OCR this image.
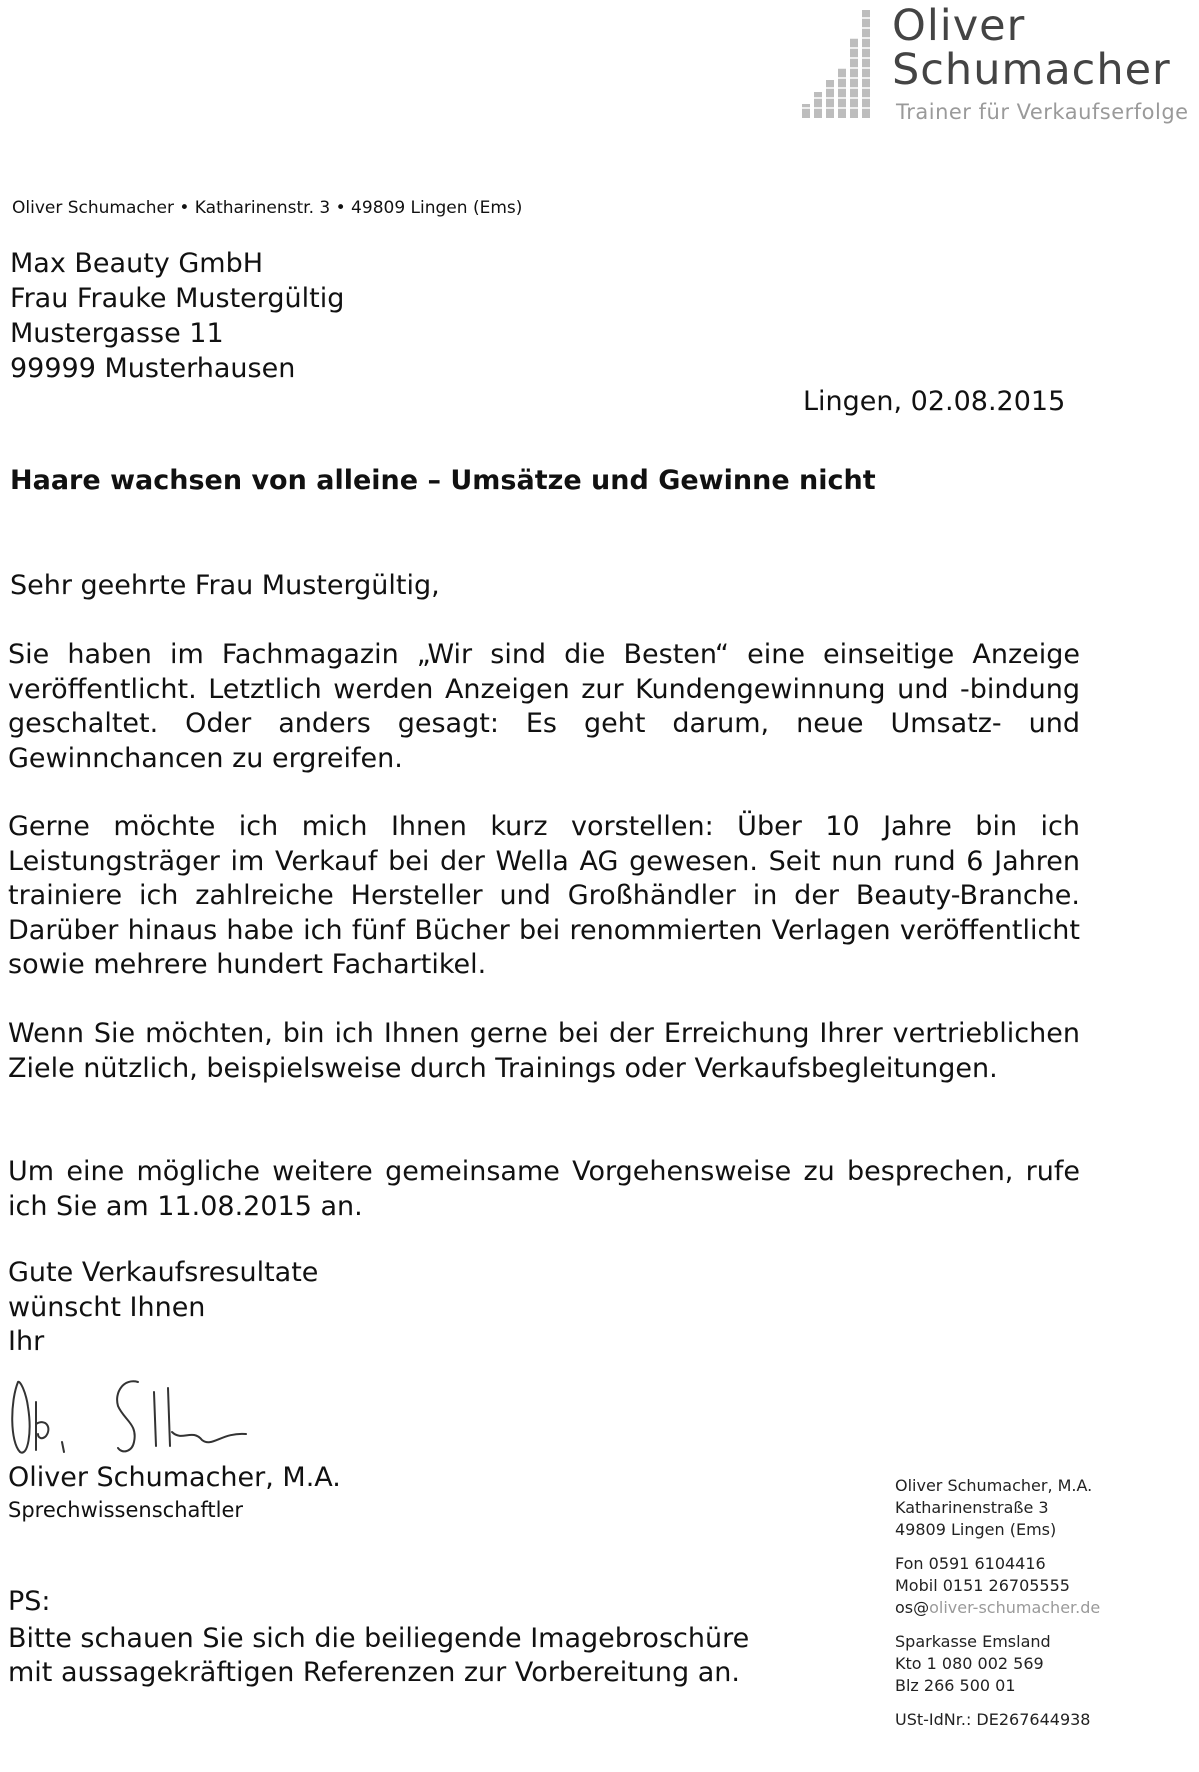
Oliver
Schumacher
Trainer für Verkaufserfolge
Oliver Schumacher • Katharinenstr. 3 • 49809 Lingen (Ems)
Max Beauty GmbH
Frau Frauke Mustergültig
Mustergasse 11
99999 Musterhausen
Lingen, 02.08.2015
Haare wachsen von alleine – Umsätze und Gewinne nicht
Sehr geehrte Frau Mustergültig,
Sie haben im Fachmagazin „Wir sind die Besten“ eine einseitige Anzeige veröffentlicht. Letztlich werden Anzeigen zur Kundengewinnung und -bindung geschaltet. Oder anders gesagt: Es geht darum, neue Umsatz- und Gewinnchancen zu ergreifen.
Gerne möchte ich mich Ihnen kurz vorstellen: Über 10 Jahre bin ich Leistungsträger im Verkauf bei der Wella AG gewesen. Seit nun rund 6 Jahren trainiere ich zahlreiche Hersteller und Großhändler in der Beauty-Branche. Darüber hinaus habe ich fünf Bücher bei renommierten Verlagen veröffentlicht sowie mehrere hundert Fachartikel.
Wenn Sie möchten, bin ich Ihnen gerne bei der Erreichung Ihrer vertrieblichen Ziele nützlich, beispielsweise durch Trainings oder Verkaufsbegleitungen.
Um eine mögliche weitere gemeinsame Vorgehensweise zu besprechen, rufe ich Sie am 11.08.2015 an.
Gute Verkaufsresultate
wünscht Ihnen
Ihr
Oliver Schumacher, M.A.
Sprechwissenschaftler
PS:
Bitte schauen Sie sich die beiliegende Imagebroschüre
mit aussagekräftigen Referenzen zur Vorbereitung an.
Oliver Schumacher, M.A.
Katharinenstraße 3
49809 Lingen (Ems)
Fon 0591 6104416
Mobil 0151 26705555
os@oliver-schumacher.de
Sparkasse Emsland
Kto 1 080 002 569
Blz 266 500 01
USt-IdNr.: DE267644938
